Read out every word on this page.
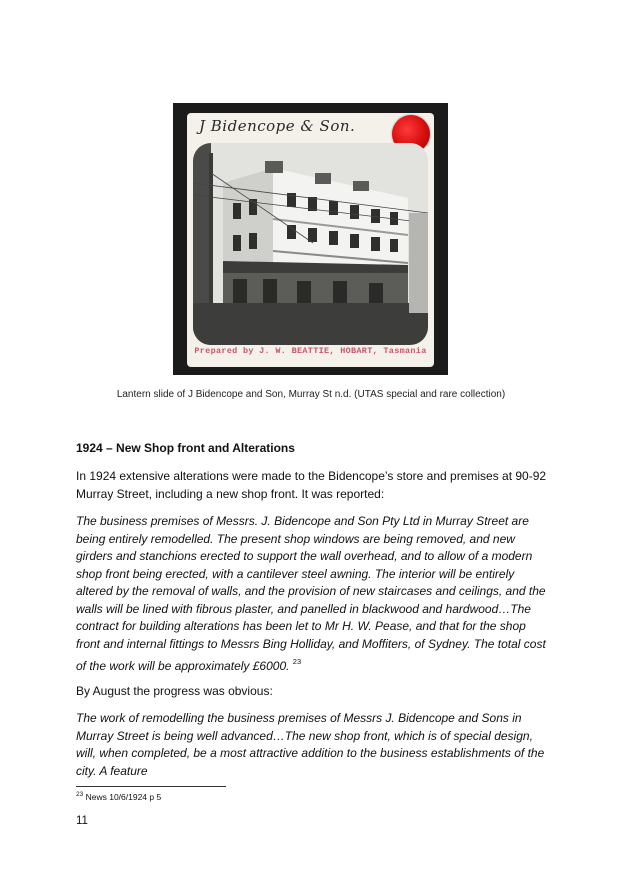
J Bidencope & Son.
Prepared by J. W. BEATTIE, HOBART, Tasmania
Lantern slide of J Bidencope and Son, Murray St n.d. (UTAS special and rare collection)
1924 – New Shop front and Alterations

In 1924 extensive alterations were made to the Bidencope’s store and premises at 90-92 Murray Street, including a new shop front. It was reported:

The business premises of Messrs. J. Bidencope and Son Pty Ltd in Murray Street are being entirely remodelled. The present shop windows are being removed, and new girders and stanchions erected to support the wall overhead, and to allow of a modern shop front being erected, with a cantilever steel awning. The interior will be entirely altered by the removal of walls, and the provision of new staircases and ceilings, and the walls will be lined with fibrous plaster, and panelled in blackwood and hardwood…The contract for building alterations has been let to Mr H. W. Pease, and that for the shop front and internal fittings to Messrs Bing Holliday, and Moffiters, of Sydney. The total cost of the work will be approximately £6000. $^{23}$

By August the progress was obvious:

The work of remodelling the business premises of Messrs J. Bidencope and Sons in Murray Street is being well advanced…The new shop front, which is of special design, will, when completed, be a most attractive addition to the business establishments of the city. A feature

$^{23}$ News 10/6/1924 p 5
11
